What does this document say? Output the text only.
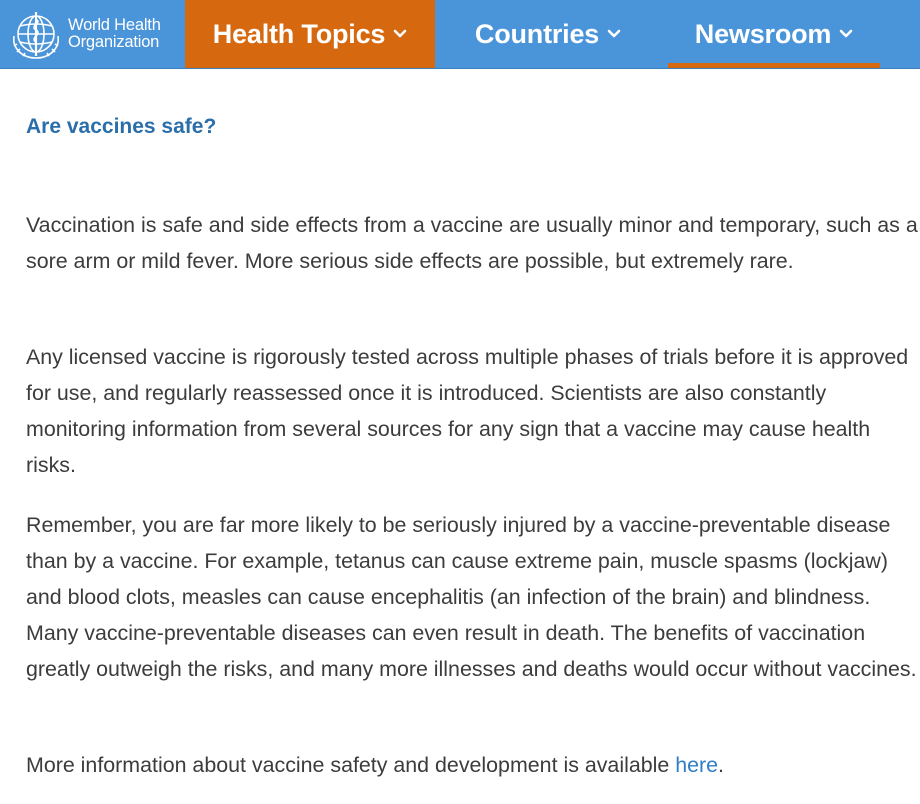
World Health
Organization Health Topics	Countries	Newsroom
Are vaccines safe?

Vaccination is safe and side effects from a vaccine are usually minor and temporary, such as a sore arm or mild fever. More serious side effects are possible, but extremely rare.

Any licensed vaccine is rigorously tested across multiple phases of trials before it is approved for use, and regularly reassessed once it is introduced. Scientists are also constantly monitoring information from several sources for any sign that a vaccine may cause health risks.

Remember, you are far more likely to be seriously injured by a vaccine-preventable disease than by a vaccine. For example, tetanus can cause extreme pain, muscle spasms (lockjaw) and blood clots, measles can cause encephalitis (an infection of the brain) and blindness. Many vaccine-preventable diseases can even result in death. The benefits of vaccination greatly outweigh the risks, and many more illnesses and deaths would occur without vaccines.

More information about vaccine safety and development is available here.
